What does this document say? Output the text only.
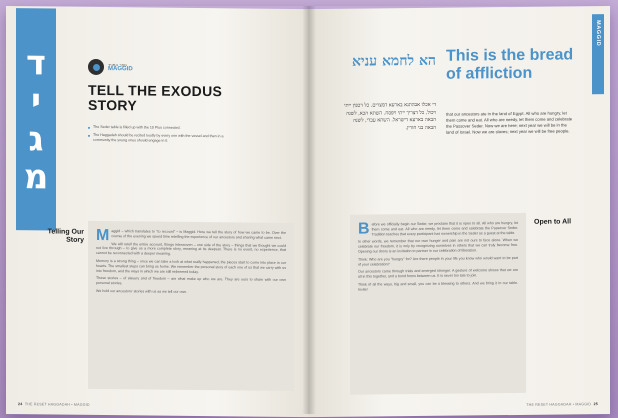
מגיד	ספר המגיד
MAGGID
TELL THE EXODUS STORY
The Seder table is filled up with the 10 Plus connected.
The Haggadah should be recited loudly by every one with the vessel and then in a community the young ones should engage in it.
Telling Our Story Maggid – which translates to "to recount" – is Maggid. Here we tell the story of how we came to be. Over the course of the evening we spend time retelling the experience of our ancestors and sharing what came next.

We will retell the entire account, things interwoven – one side of the story – things that we thought we could not live through – to give us a more complete story, meaning at its deepest. There is no event, no experience, that cannot be reconnected with a deeper meaning.

Memory is a strong thing – once we can take a look at what really happened, the pieces start to come into place in our hearts. The smallest steps can bring us home. We remember the personal story of each one of us that we carry with us into freedom, and the ways in which we are still redeemed today.

These stories – of slavery and of freedom – are what make up who we are. They are ours to share with our own personal stories.

We hold our ancestors' stories with us as we tell our own.

24 THE RESET HAGGADAH • MAGGID
הא לחמא עניא
די אכלו אבהתנא בארעא דמצרים. כל דכפין ייתי ויכול, כל דצריך ייתי ויפסח. השתא הכא, לשנה הבאה בארעא דישראל. השתא עבדי, לשנה הבאה בני חורין.
This is the bread of affliction
that our ancestors ate in the land of Egypt. All who are hungry, let them come and eat. All who are needy, let them come and celebrate the Passover Seder. Now we are here; next year we will be in the land of Israel. Now we are slaves; next year we will be free people.
MAGGID

Before we officially begin our Seder, we proclaim that it is open to all. All who are hungry, let them come and eat. All who are needy, let them come and celebrate the Passover Seder. Tradition teaches that every participant has ownership in the Seder as a guest at the table.

In other words, we remember that our own hunger and pain are not ours to face alone. When we celebrate our freedom, it is only by recognizing ourselves in others that we can truly become free. Opening our doors is an invitation to partner in our celebration of liberation.

Think: Who are you "hungry" for? Are there people in your life you know who would want to be part of your celebration?

Our ancestors came through trials and emerged stronger. A gesture of welcome shows that we are all in this together, and a bond forms between us. It is never too late to join.

Think of all the ways, big and small, you can be a blessing to others. And we bring it to our table. Invite!

Open to All
THE RESET HAGGADAH • MAGGID 25
